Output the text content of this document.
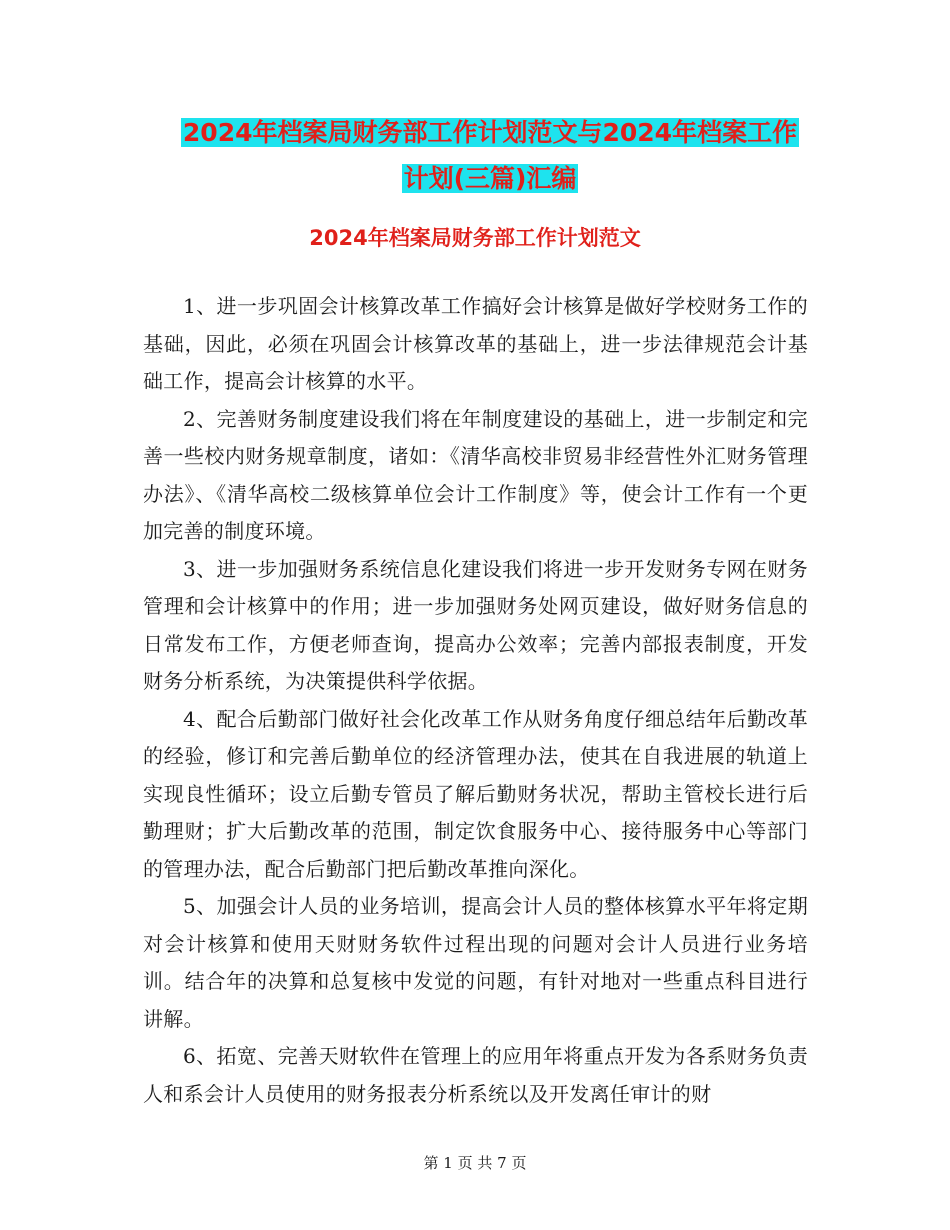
2024年档案局财务部工作计划范文与2024年档案工作
计划(三篇)汇编
2024年档案局财务部工作计划范文

1、进一步巩固会计核算改革工作搞好会计核算是做好学校财务工作的基础，因此，必须在巩固会计核算改革的基础上，进一步法律规范会计基础工作，提高会计核算的水平。

2、完善财务制度建设我们将在年制度建设的基础上，进一步制定和完善一些校内财务规章制度，诸如：《清华高校非贸易非经营性外汇财务管理办法》、《清华高校二级核算单位会计工作制度》等，使会计工作有一个更加完善的制度环境。

3、进一步加强财务系统信息化建设我们将进一步开发财务专网在财务管理和会计核算中的作用；进一步加强财务处网页建设，做好财务信息的日常发布工作，方便老师查询，提高办公效率；完善内部报表制度，开发财务分析系统，为决策提供科学依据。

4、配合后勤部门做好社会化改革工作从财务角度仔细总结年后勤改革的经验，修订和完善后勤单位的经济管理办法，使其在自我进展的轨道上实现良性循环；设立后勤专管员了解后勤财务状况，帮助主管校长进行后勤理财；扩大后勤改革的范围，制定饮食服务中心、接待服务中心等部门的管理办法，配合后勤部门把后勤改革推向深化。

5、加强会计人员的业务培训，提高会计人员的整体核算水平年将定期对会计核算和使用天财财务软件过程出现的问题对会计人员进行业务培训。结合年的决算和总复核中发觉的问题，有针对地对一些重点科目进行讲解。

6、拓宽、完善天财软件在管理上的应用年将重点开发为各系财务负责人和系会计人员使用的财务报表分析系统以及开发离任审计的财

第 1 页 共 7 页
